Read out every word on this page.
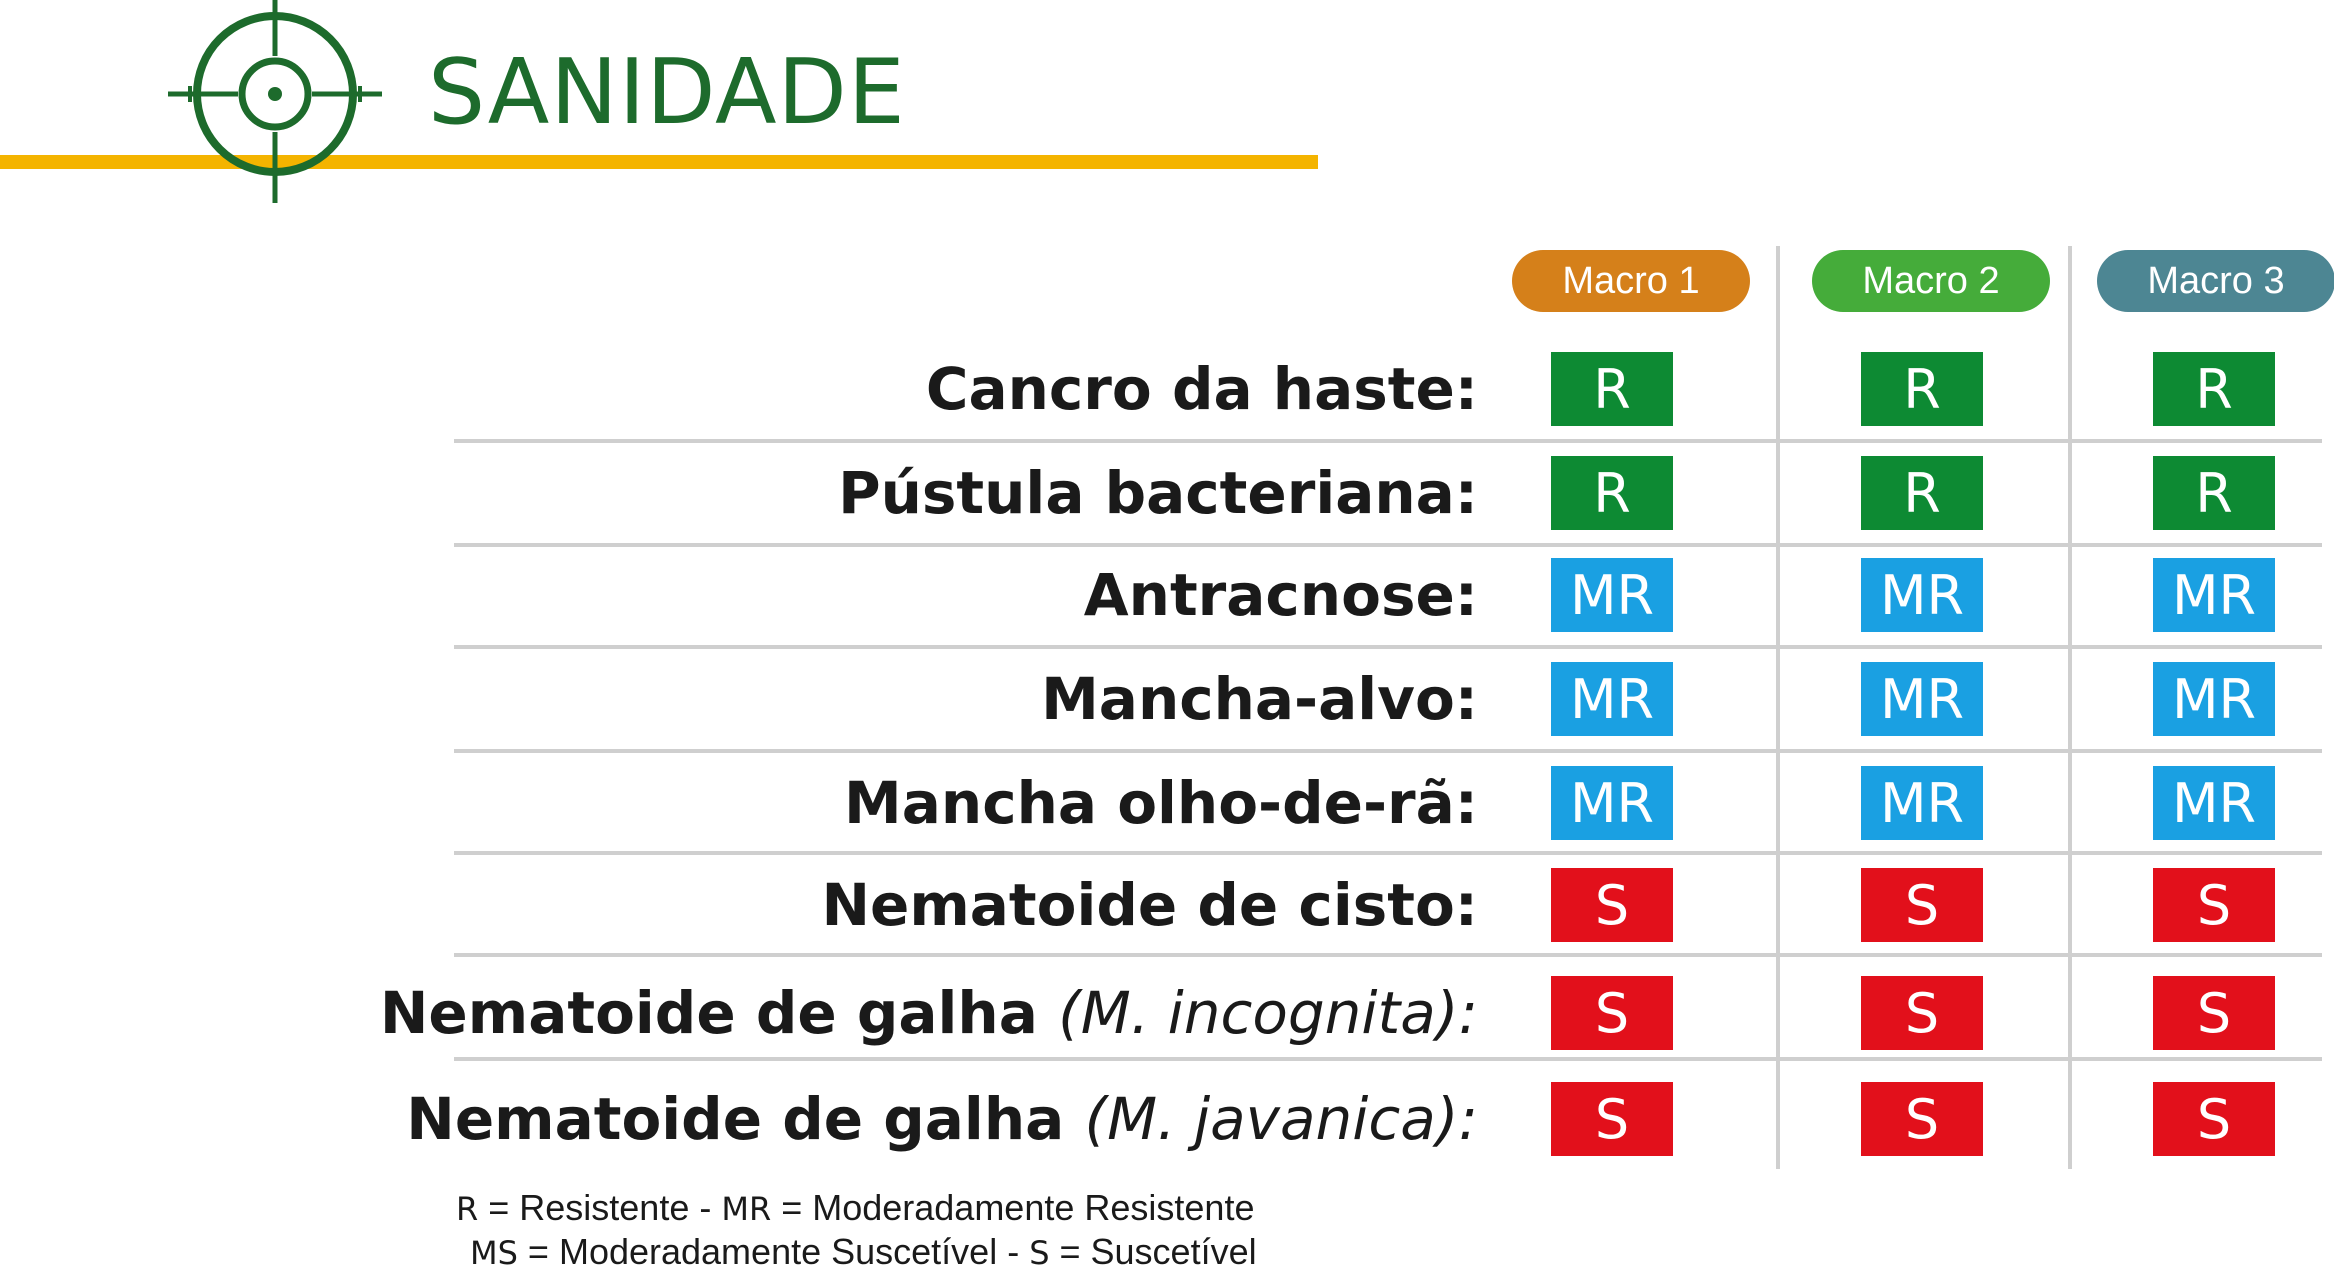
SANIDADE
Macro 1	Macro 2	Macro 3
Cancro da haste:	R	R	R
Pústula bacteriana:	R	R	R
Antracnose:	MR	MR	MR
Mancha-alvo:	MR	MR	MR
Mancha olho-de-rã:	MR	MR	MR
Nematoide de cisto:	S	S	S
Nematoide de galha (M. incognita):	S	S	S
Nematoide de galha (M. javanica):	S	S	S
R = Resistente - MR = Moderadamente Resistente
MS = Moderadamente Suscetível - S = Suscetível
